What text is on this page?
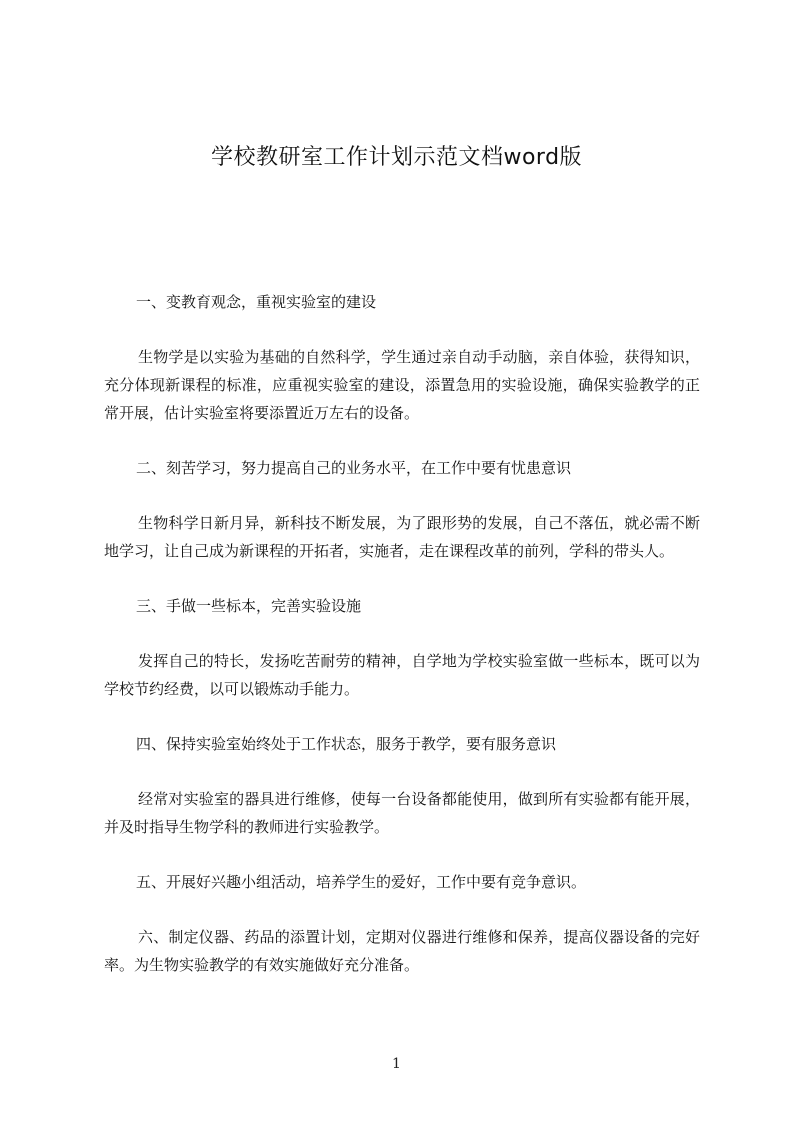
学校教研室工作计划示范文档word版

一、变教育观念，重视实验室的建设

生物学是以实验为基础的自然科学，学生通过亲自动手动脑，亲自体验，获得知识，充分体现新课程的标准，应重视实验室的建设，添置急用的实验设施，确保实验教学的正常开展，估计实验室将要添置近万左右的设备。

二、刻苦学习，努力提高自己的业务水平，在工作中要有忧患意识

生物科学日新月异，新科技不断发展，为了跟形势的发展，自己不落伍，就必需不断地学习，让自己成为新课程的开拓者，实施者，走在课程改革的前列，学科的带头人。

三、手做一些标本，完善实验设施

发挥自己的特长，发扬吃苦耐劳的精神，自学地为学校实验室做一些标本，既可以为学校节约经费，以可以锻炼动手能力。

四、保持实验室始终处于工作状态，服务于教学，要有服务意识

经常对实验室的器具进行维修，使每一台设备都能使用，做到所有实验都有能开展，并及时指导生物学科的教师进行实验教学。

五、开展好兴趣小组活动，培养学生的爱好，工作中要有竞争意识。

六、制定仪器、药品的添置计划，定期对仪器进行维修和保养，提高仪器设备的完好率。为生物实验教学的有效实施做好充分准备。

1
